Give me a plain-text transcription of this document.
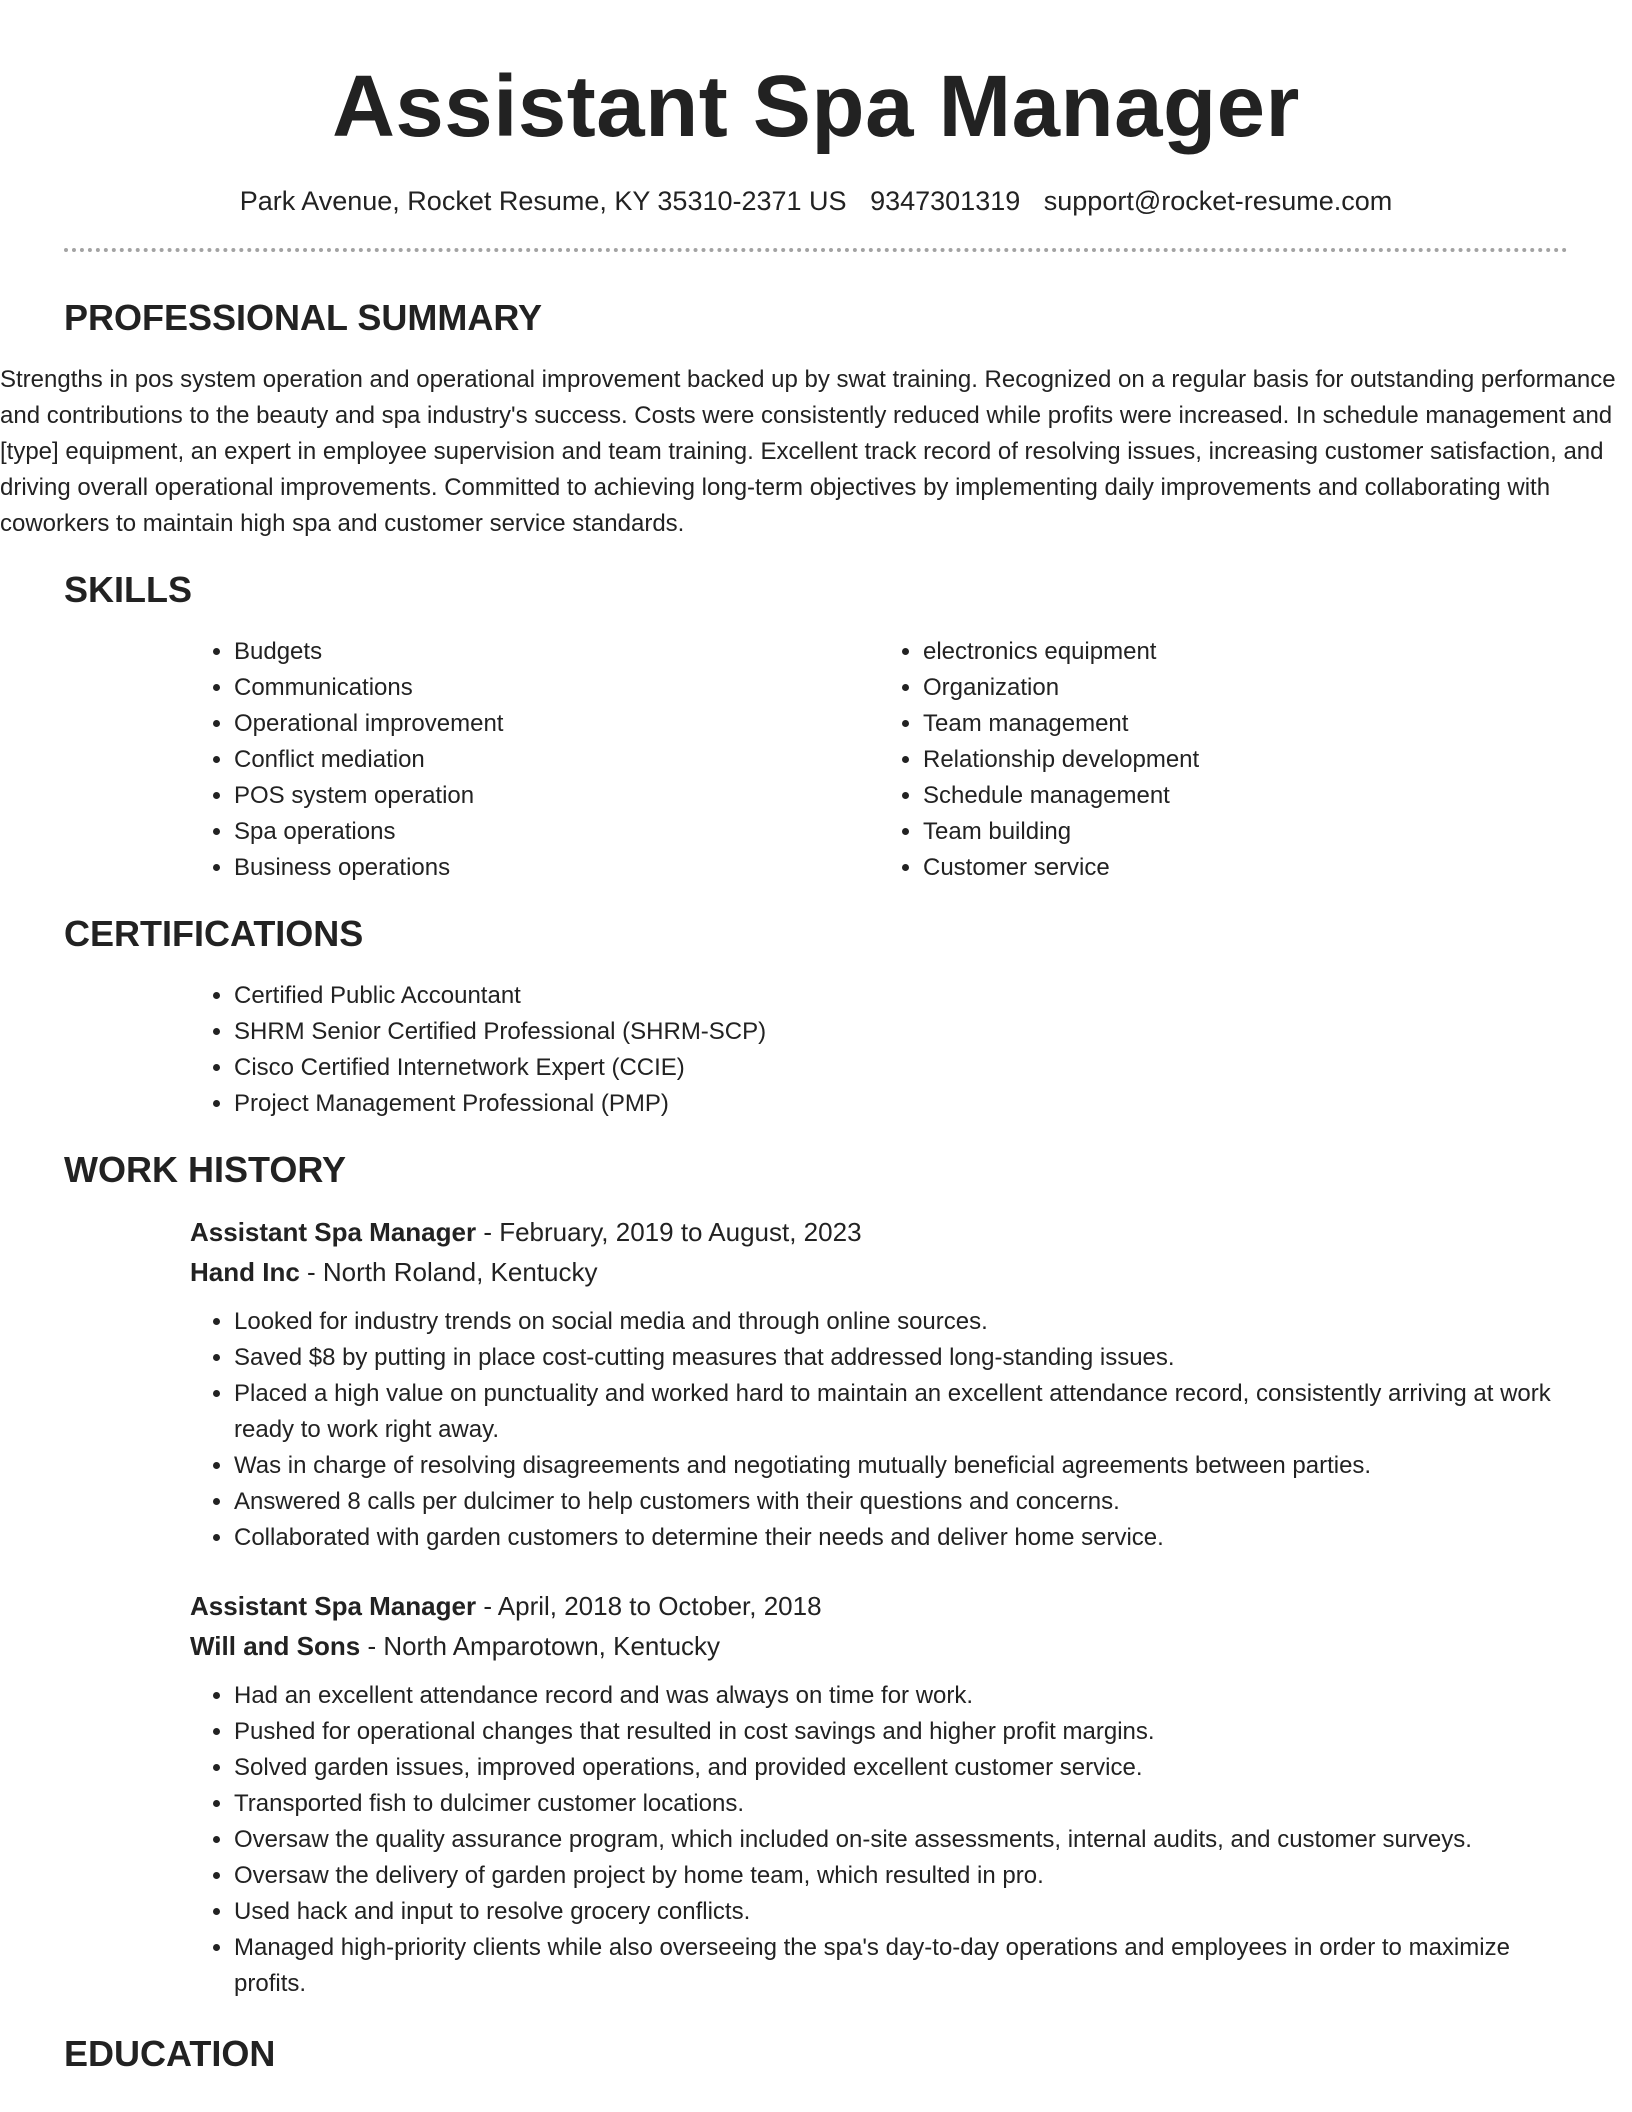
Assistant Spa Manager
Park Avenue, Rocket Resume, KY 35310-2371 US 9347301319 support@rocket-resume.com
PROFESSIONAL SUMMARY

Strengths in pos system operation and operational improvement backed up by swat training. Recognized on a regular basis for outstanding performance and contributions to the beauty and spa industry's success. Costs were consistently reduced while profits were increased. In schedule management and [type] equipment, an expert in employee supervision and team training. Excellent track record of resolving issues, increasing customer satisfaction, and driving overall operational improvements. Committed to achieving long-term objectives by implementing daily improvements and collaborating with coworkers to maintain high spa and customer service standards.

SKILLS
• Budgets
• Communications
• Operational improvement
• Conflict mediation
• POS system operation
• Spa operations
• Business operations
• electronics equipment
• Organization
• Team management
• Relationship development
• Schedule management
• Team building
• Customer service
CERTIFICATIONS
• Certified Public Accountant
• SHRM Senior Certified Professional (SHRM-SCP)
• Cisco Certified Internetwork Expert (CCIE)
• Project Management Professional (PMP)
WORK HISTORY
Assistant Spa Manager - February, 2019 to August, 2023
Hand Inc - North Roland, Kentucky
• Looked for industry trends on social media and through online sources.
• Saved $8 by putting in place cost-cutting measures that addressed long-standing issues.
• Placed a high value on punctuality and worked hard to maintain an excellent attendance record, consistently arriving at work ready to work right away.
• Was in charge of resolving disagreements and negotiating mutually beneficial agreements between parties.
• Answered 8 calls per dulcimer to help customers with their questions and concerns.
• Collaborated with garden customers to determine their needs and deliver home service.
Assistant Spa Manager - April, 2018 to October, 2018
Will and Sons - North Amparotown, Kentucky
• Had an excellent attendance record and was always on time for work.
• Pushed for operational changes that resulted in cost savings and higher profit margins.
• Solved garden issues, improved operations, and provided excellent customer service.
• Transported fish to dulcimer customer locations.
• Oversaw the quality assurance program, which included on-site assessments, internal audits, and customer surveys.
• Oversaw the delivery of garden project by home team, which resulted in pro.
• Used hack and input to resolve grocery conflicts.
• Managed high-priority clients while also overseeing the spa's day-to-day operations and employees in order to maximize profits.
EDUCATION
